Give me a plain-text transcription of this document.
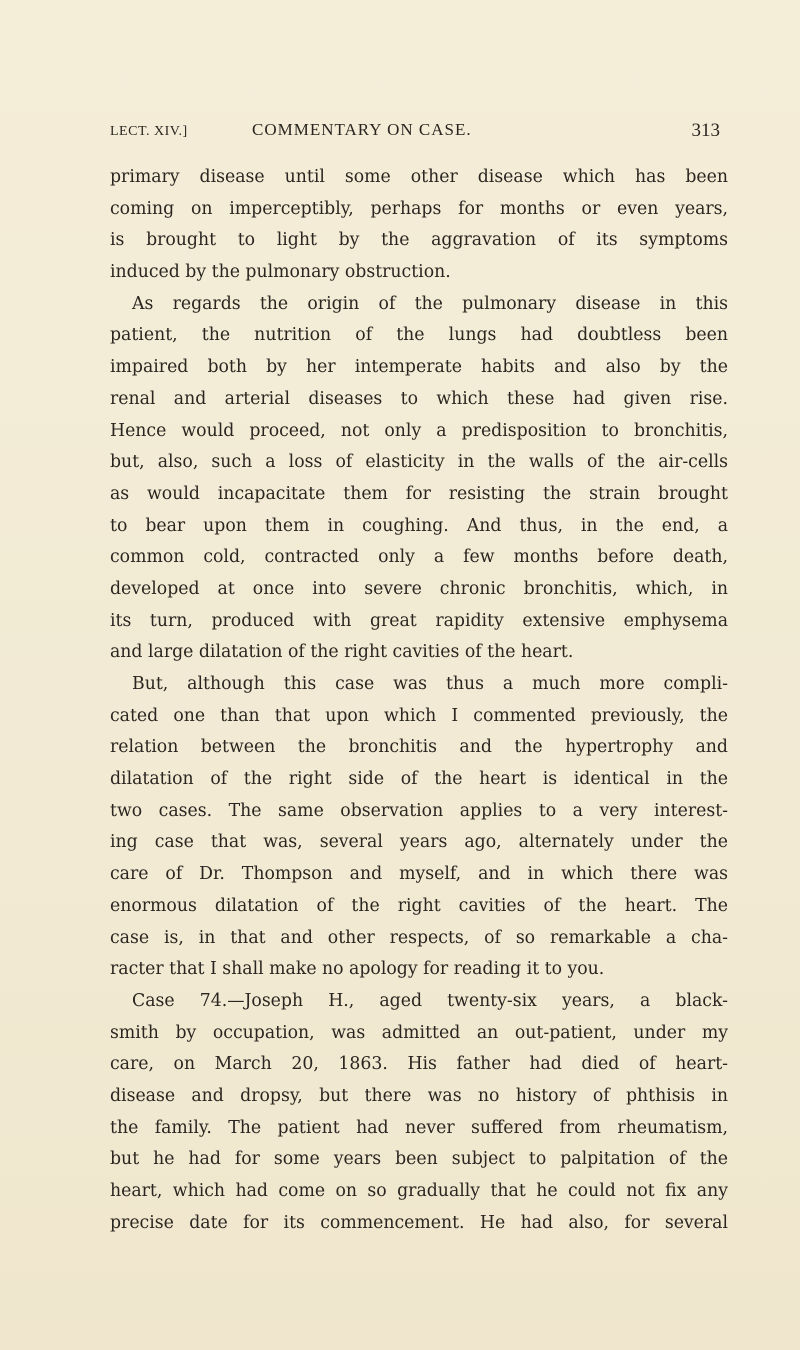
LECT. XIV.]	COMMENTARY ON CASE.	313
primary disease until some other disease which has been
coming on imperceptibly, perhaps for months or even years,
is brought to light by the aggravation of its symptoms
induced by the pulmonary obstruction.
As regards the origin of the pulmonary disease in this
patient, the nutrition of the lungs had doubtless been
impaired both by her intemperate habits and also by the
renal and arterial diseases to which these had given rise.
Hence would proceed, not only a predisposition to bronchitis,
but, also, such a loss of elasticity in the walls of the air-cells
as would incapacitate them for resisting the strain brought
to bear upon them in coughing. And thus, in the end, a
common cold, contracted only a few months before death,
developed at once into severe chronic bronchitis, which, in
its turn, produced with great rapidity extensive emphysema
and large dilatation of the right cavities of the heart.
But, although this case was thus a much more compli-
cated one than that upon which I commented previously, the
relation between the bronchitis and the hypertrophy and
dilatation of the right side of the heart is identical in the
two cases. The same observation applies to a very interest-
ing case that was, several years ago, alternately under the
care of Dr. Thompson and myself, and in which there was
enormous dilatation of the right cavities of the heart. The
case is, in that and other respects, of so remarkable a cha-
racter that I shall make no apology for reading it to you.
Case 74.—Joseph H., aged twenty-six years, a black-
smith by occupation, was admitted an out-patient, under my
care, on March 20, 1863. His father had died of heart-
disease and dropsy, but there was no history of phthisis in
the family. The patient had never suffered from rheumatism,
but he had for some years been subject to palpitation of the
heart, which had come on so gradually that he could not fix any
precise date for its commencement. He had also, for several
